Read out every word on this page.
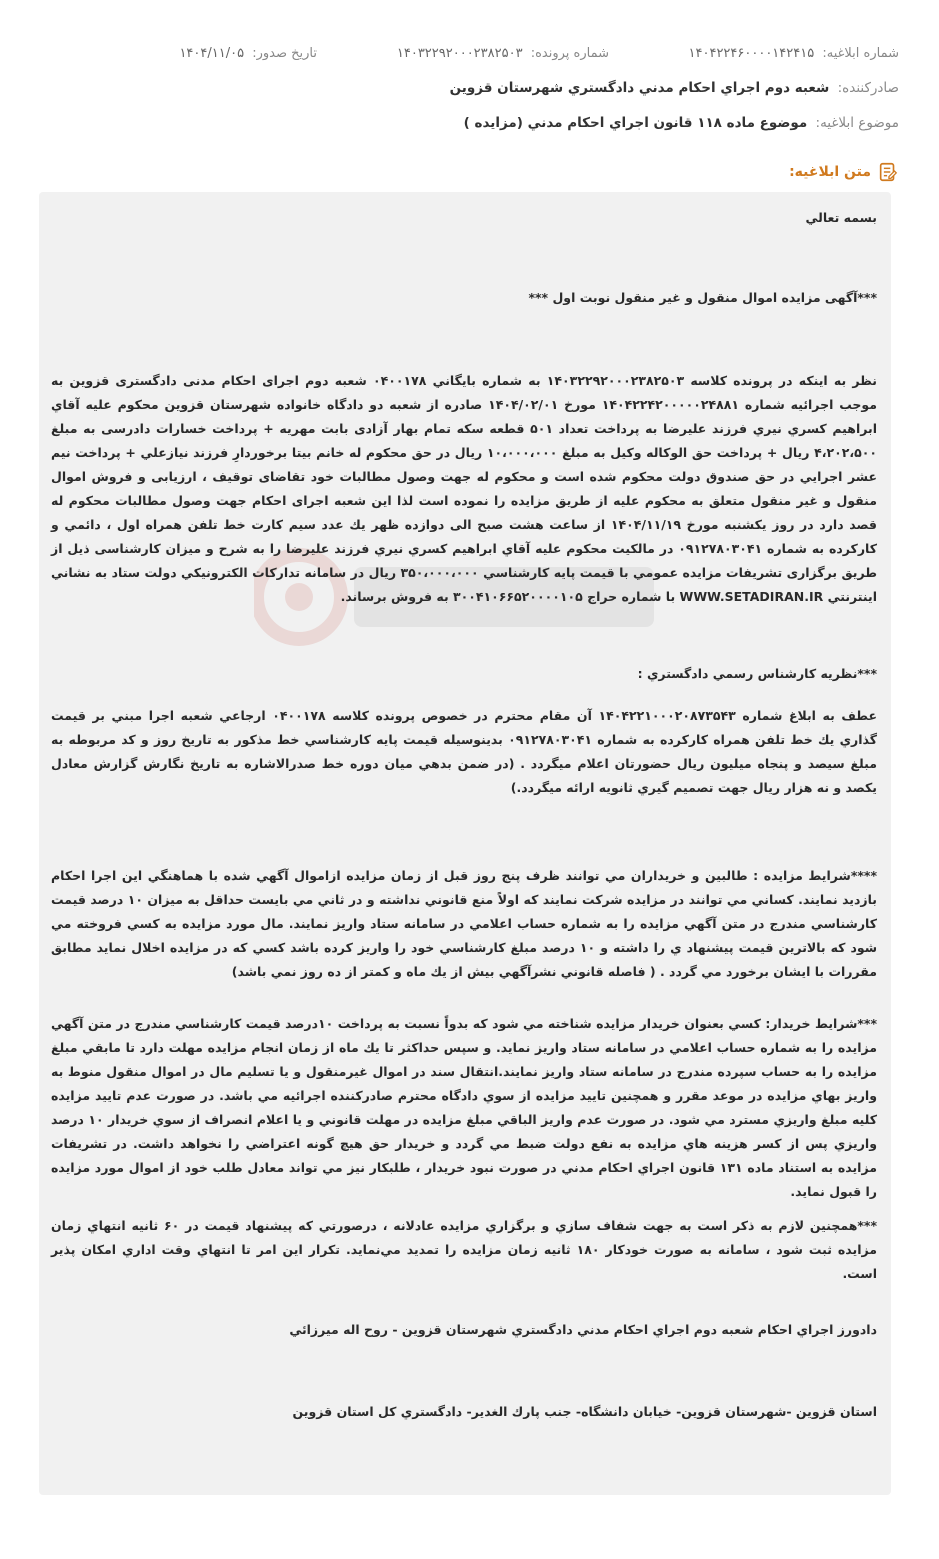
شماره ابلاغيه: ۱۴۰۴۲۲۴۶۰۰۰۰۱۴۲۴۱۵
شماره پرونده: ۱۴۰۳۲۲۹۲۰۰۰۲۳۸۲۵۰۳
تاريخ صدور: ۱۴۰۴/۱۱/۰۵
صادرکننده: شعبه دوم اجراي احكام مدني دادگستري شهرستان قزوين
موضوع ابلاغيه: موضوع ماده ۱۱۸ قانون اجراي احكام مدني (مزايده )
متن ابلاغيه:
بسمه تعالي
***آگهی مزايده اموال منقول و غير منقول نوبت اول ***
نظر به اينكه در پرونده كلاسه ۱۴۰۳۲۲۹۲۰۰۰۲۳۸۲۵۰۳ به شماره بايگاني ۰۴۰۰۱۷۸ شعبه دوم اجرای احکام مدنی دادگستری قزوین به موجب اجرائيه شماره ۱۴۰۴۲۲۴۲۰۰۰۰۰۲۴۸۸۱ مورخ ۱۴۰۴/۰۲/۰۱ صادره از شعبه دو دادگاه خانواده شهرستان قزوين محکوم عليه آقاي ابراهيم كسري نيري فرزند عليرضا به پرداخت تعداد ۵۰۱ قطعه سکه تمام بهار آزادی بابت مهريه + پرداخت خسارات دادرسی به مبلغ ۴،۲۰۲،۵۰۰ ريال + پرداخت حق الوكاله وكيل به مبلغ ۱۰،۰۰۰،۰۰۰ ريال در حق محکوم له خانم بيتا برخوردارِ فرزند نيازعلي + پرداخت نيم عشر اجرايي در حق صندوق دولت محکوم شده است و محکوم له جهت وصول مطالبات خود تقاضای توقيف ، ارزيابی و فروش اموال منقول و غير منقول متعلق به محکوم عليه از طريق مزايده را نموده است لذا اين شعبه اجرای احکام جهت وصول مطالبات محکوم له قصد دارد در روز يکشنبه مورخ ۱۴۰۴/۱۱/۱۹ از ساعت هشت صبح الی دوازده ظهر يك عدد سيم كارت خط تلفن همراه اول ، دائمي و كاركرده به شماره ۰۹۱۲۷۸۰۳۰۴۱ در مالکيت محكوم عليه آقاي ابراهيم كسري نيري فرزند عليرضا را به شرح و ميزان کارشناسی ذيل از طريق برگزاری تشريفات مزايده عمومي با قيمت پايه كارشناسي ۳۵۰،۰۰۰،۰۰۰ ريال در سامانه تداركات الكترونيكي دولت ستاد به نشاني اينترنتي WWW.SETADIRAN.IR با شماره حراج ۳۰۰۴۱۰۶۶۵۲۰۰۰۰۱۰۵ به فروش برساند.
***نظريه كارشناس رسمي دادگستري :
عطف به ابلاغ شماره ۱۴۰۴۲۲۱۰۰۰۲۰۸۷۳۵۴۳ آن مقام محترم در خصوص پرونده كلاسه ۰۴۰۰۱۷۸ ارجاعي شعبه اجرا مبني بر قيمت گذاري يك خط تلفن همراه كاركرده به شماره ۰۹۱۲۷۸۰۳۰۴۱ بدينوسيله قيمت پايه كارشناسي خط مذكور به تاريخ روز و كد مربوطه به مبلغ سيصد و پنجاه ميليون ريال حضورتان اعلام ميگردد . (در ضمن بدهي ميان دوره خط صدرالاشاره به تاريخ نگارش گزارش معادل يكصد و نه هزار ريال جهت تصميم گيري ثانويه ارائه ميگردد.)
****شرايط مزايده : طالبين و خريداران مي توانند ظرف پنج روز قبل از زمان مزايده ازاموال آگهي شده با هماهنگي اين اجرا احكام بازديد نمايند. كساني مي توانند در مزايده شركت نمايند كه اولاً منع قانوني نداشته و در ثاني مي بايست حداقل به ميزان ۱۰ درصد قيمت كارشناسي مندرج در متن آگهي مزايده را به شماره حساب اعلامي در سامانه ستاد واريز نمايند. مال مورد مزايده به كسي فروخته مي شود كه بالاترين قيمت پيشنهاد ي را داشته و ۱۰ درصد مبلغ كارشناسي خود را واريز كرده باشد كسي كه در مزايده اخلال نمايد مطابق مقررات با ايشان برخورد مي گردد . ( فاصله قانوني نشرآگهي بيش از يك ماه و كمتر از ده روز نمي باشد)
***شرايط خريدار: كسي بعنوان خريدار مزايده شناخته مي شود كه بدواً نسبت به پرداخت ۱۰درصد قيمت كارشناسي مندرج در متن آگهي مزايده را به شماره حساب اعلامي در سامانه ستاد واريز نمايد. و سپس حداكثر تا يك ماه از زمان انجام مزايده مهلت دارد تا مابقي مبلغ مزايده را به حساب سپرده مندرج در سامانه ستاد واريز نمايند.انتقال سند در اموال غيرمنقول و يا تسليم مال در اموال منقول منوط به واريز بهاي مزايده در موعد مقرر و همچنين تاييد مزايده از سوي دادگاه محترم صادركننده اجرائيه مي باشد. در صورت عدم تاييد مزايده كليه مبلغ واريزي مسترد مي شود. در صورت عدم واريز الباقي مبلغ مزايده در مهلت قانوني و يا اعلام انصراف از سوي خريدار ۱۰ درصد واريزي پس از كسر هزينه هاي مزايده به نفع دولت ضبط مي گردد و خريدار حق هيچ گونه اعتراضي را نخواهد داشت. در تشريفات مزايده به استناد ماده ۱۳۱ قانون اجراي احكام مدني در صورت نبود خريدار ، طلبكار نيز مي تواند معادل طلب خود از اموال مورد مزايده را قبول نمايد.
***همچنين لازم به ذكر است به جهت شفاف سازي و برگزاري مزايده عادلانه ، درصورتي كه پيشنهاد قيمت در ۶۰ ثانيه انتهاي زمان مزايده ثبت شود ، سامانه به صورت خودكار ۱۸۰ ثانيه زمان مزايده را تمديد مي‌نمايد. تكرار اين امر تا انتهاي وقت اداري امكان پذير است.
دادورز اجراي احكام شعبه دوم اجراي احكام مدني دادگستري شهرستان قزوين - روح اله ميرزائي
استان قزوين -شهرستان قزوين- خيابان دانشگاه- جنب پارك الغدير- دادگستري كل استان قزوين
